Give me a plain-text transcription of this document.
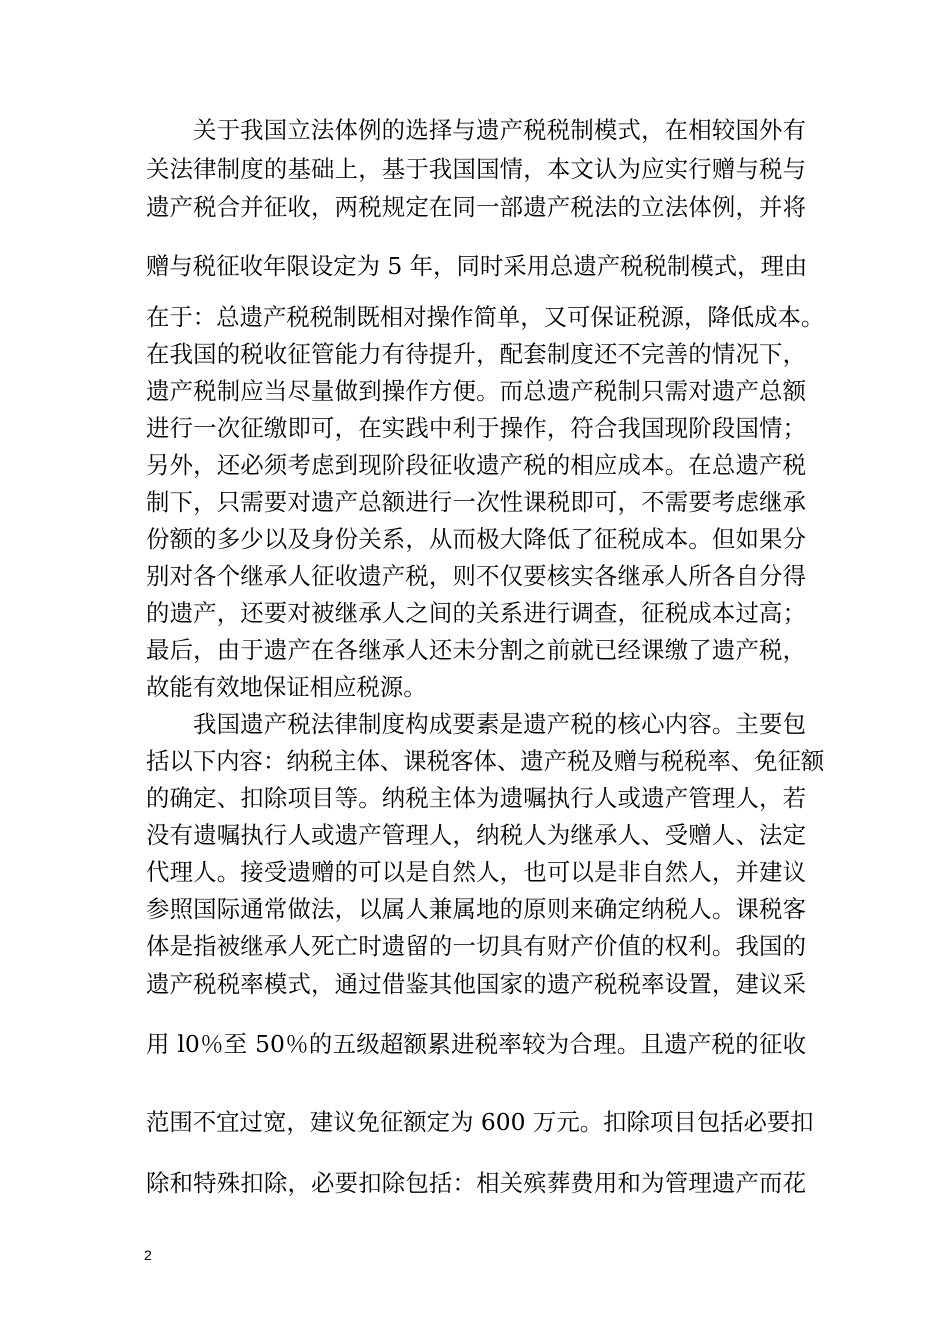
关于我国立法体例的选择与遗产税税制模式，在相较国外有
关法律制度的基础上，基于我国国情，本文认为应实行赠与税与
遗产税合并征收，两税规定在同一部遗产税法的立法体例，并将
赠与税征收年限设定为 5 年，同时采用总遗产税税制模式，理由
在于：总遗产税税制既相对操作简单，又可保证税源，降低成本。
在我国的税收征管能力有待提升，配套制度还不完善的情况下，
遗产税制应当尽量做到操作方便。而总遗产税制只需对遗产总额
进行一次征缴即可，在实践中利于操作，符合我国现阶段国情；
另外，还必须考虑到现阶段征收遗产税的相应成本。在总遗产税
制下，只需要对遗产总额进行一次性课税即可，不需要考虑继承
份额的多少以及身份关系，从而极大降低了征税成本。但如果分
别对各个继承人征收遗产税，则不仅要核实各继承人所各自分得
的遗产，还要对被继承人之间的关系进行调查，征税成本过高；
最后，由于遗产在各继承人还未分割之前就已经课缴了遗产税，
故能有效地保证相应税源。
我国遗产税法律制度构成要素是遗产税的核心内容。主要包
括以下内容：纳税主体、课税客体、遗产税及赠与税税率、免征额
的确定、扣除项目等。纳税主体为遗嘱执行人或遗产管理人，若
没有遗嘱执行人或遗产管理人，纳税人为继承人、受赠人、法定
代理人。接受遗赠的可以是自然人，也可以是非自然人，并建议
参照国际通常做法，以属人兼属地的原则来确定纳税人。课税客
体是指被继承人死亡时遗留的一切具有财产价值的权利。我国的
遗产税税率模式，通过借鉴其他国家的遗产税税率设置，建议采
用 l0％至 50％的五级超额累进税率较为合理。且遗产税的征收
范围不宜过宽，建议免征额定为 600 万元。扣除项目包括必要扣
除和特殊扣除，必要扣除包括：相关殡葬费用和为管理遗产而花
2
